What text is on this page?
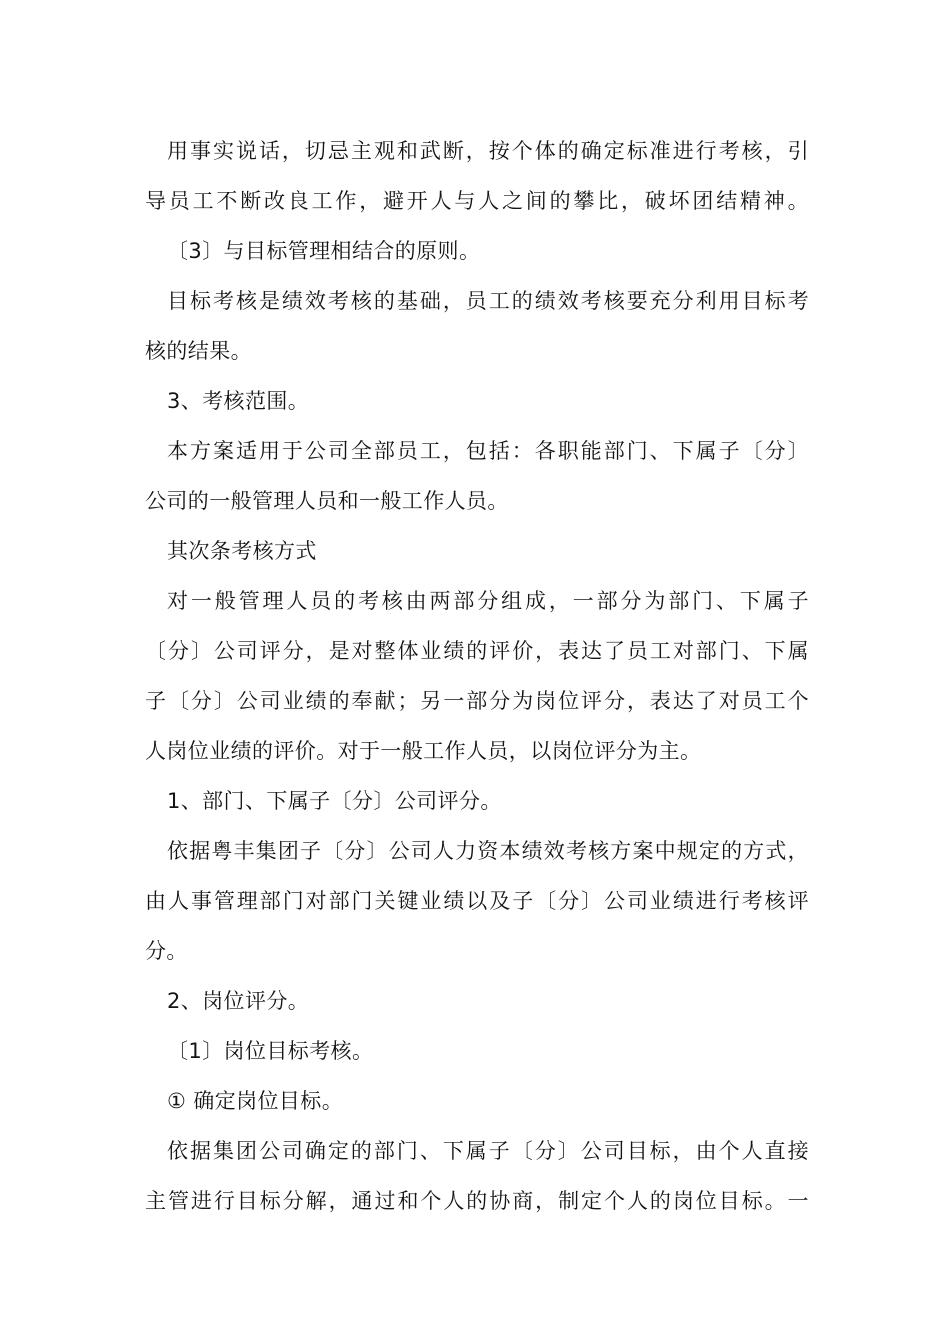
用事实说话，切忌主观和武断，按个体的确定标准进行考核，引
导员工不断改良工作，避开人与人之间的攀比，破坏团结精神。
〔3〕与目标管理相结合的原则。
目标考核是绩效考核的基础，员工的绩效考核要充分利用目标考
核的结果。
3、考核范围。
本方案适用于公司全部员工，包括：各职能部门、下属子〔分〕
公司的一般管理人员和一般工作人员。
其次条考核方式
对一般管理人员的考核由两部分组成，一部分为部门、下属子
〔分〕公司评分，是对整体业绩的评价，表达了员工对部门、下属
子〔分〕公司业绩的奉献；另一部分为岗位评分，表达了对员工个
人岗位业绩的评价。对于一般工作人员，以岗位评分为主。
1、部门、下属子〔分〕公司评分。
依据粤丰集团子〔分〕公司人力资本绩效考核方案中规定的方式，
由人事管理部门对部门关键业绩以及子〔分〕公司业绩进行考核评
分。
2、岗位评分。
〔1〕岗位目标考核。
① 确定岗位目标。
依据集团公司确定的部门、下属子〔分〕公司目标，由个人直接
主管进行目标分解，通过和个人的协商，制定个人的岗位目标。一
